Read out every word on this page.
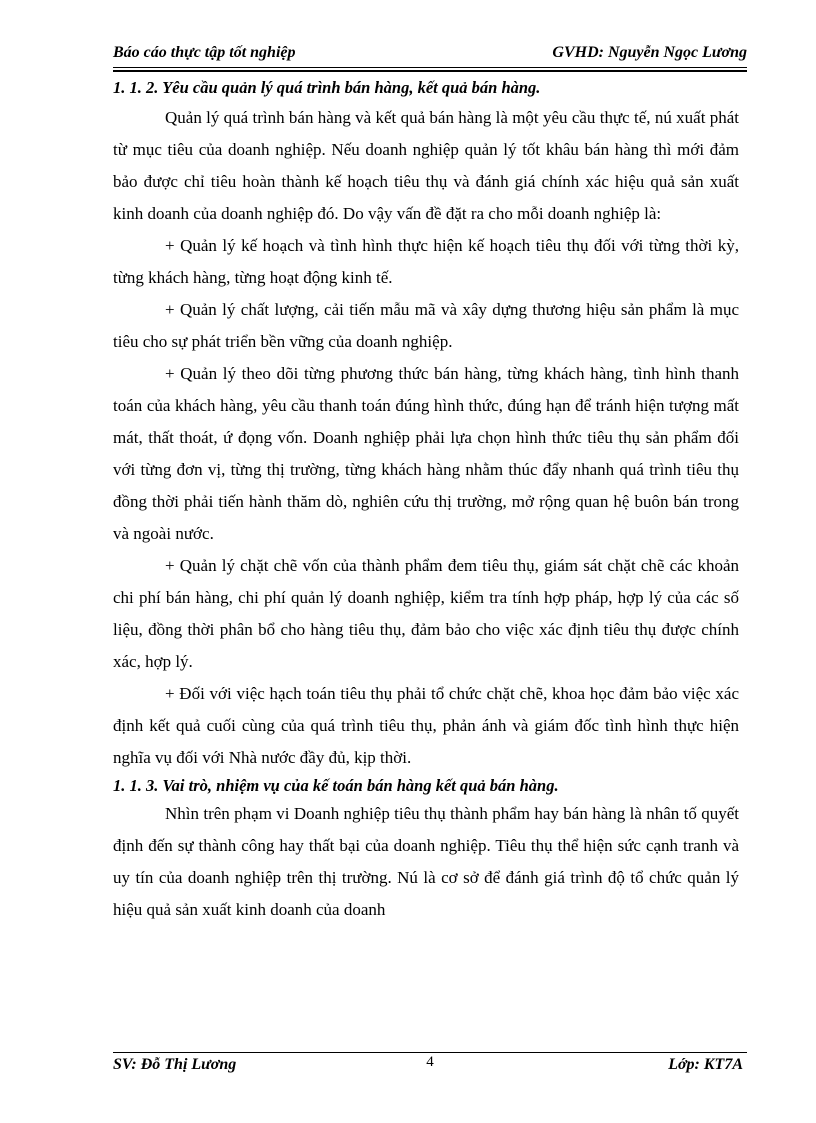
Báo cáo thực tập tốt nghiệp	GVHD: Nguyễn Ngọc Lương
1. 1. 2. Yêu cầu quản lý quá trình bán hàng, kết quả bán hàng.

Quản lý quá trình bán hàng và kết quả bán hàng là một yêu cầu thực tế, nú xuất phát từ mục tiêu của doanh nghiệp. Nếu doanh nghiệp quản lý tốt khâu bán hàng thì mới đảm bảo được chỉ tiêu hoàn thành kế hoạch tiêu thụ và đánh giá chính xác hiệu quả sản xuất kinh doanh của doanh nghiệp đó. Do vậy vấn đề đặt ra cho mỗi doanh nghiệp là:

+ Quản lý kế hoạch và tình hình thực hiện kế hoạch tiêu thụ đối với từng thời kỳ, từng khách hàng, từng hoạt động kinh tế.

+ Quản lý chất lượng, cải tiến mẫu mã và xây dựng thương hiệu sản phẩm là mục tiêu cho sự phát triển bền vững của doanh nghiệp.

+ Quản lý theo dõi từng phương thức bán hàng, từng khách hàng, tình hình thanh toán của khách hàng, yêu cầu thanh toán đúng hình thức, đúng hạn để tránh hiện tượng mất mát, thất thoát, ứ đọng vốn. Doanh nghiệp phải lựa chọn hình thức tiêu thụ sản phẩm đối với từng đơn vị, từng thị trường, từng khách hàng nhằm thúc đẩy nhanh quá trình tiêu thụ đồng thời phải tiến hành thăm dò, nghiên cứu thị trường, mở rộng quan hệ buôn bán trong và ngoài nước.

+ Quản lý chặt chẽ vốn của thành phẩm đem tiêu thụ, giám sát chặt chẽ các khoản chi phí bán hàng, chi phí quản lý doanh nghiệp, kiểm tra tính hợp pháp, hợp lý của các số liệu, đồng thời phân bổ cho hàng tiêu thụ, đảm bảo cho việc xác định tiêu thụ được chính xác, hợp lý.

+ Đối với việc hạch toán tiêu thụ phải tổ chức chặt chẽ, khoa học đảm bảo việc xác định kết quả cuối cùng của quá trình tiêu thụ, phản ánh và giám đốc tình hình thực hiện nghĩa vụ đối với Nhà nước đầy đủ, kịp thời.

1. 1. 3. Vai trò, nhiệm vụ của kế toán bán hàng kết quả bán hàng.

Nhìn trên phạm vi Doanh nghiệp tiêu thụ thành phẩm hay bán hàng là nhân tố quyết định đến sự thành công hay thất bại của doanh nghiệp. Tiêu thụ thể hiện sức cạnh tranh và uy tín của doanh nghiệp trên thị trường. Nú là cơ sở để đánh giá trình độ tổ chức quản lý hiệu quả sản xuất kinh doanh của doanh

SV: Đỗ Thị Lương	4	Lớp: KT7A
